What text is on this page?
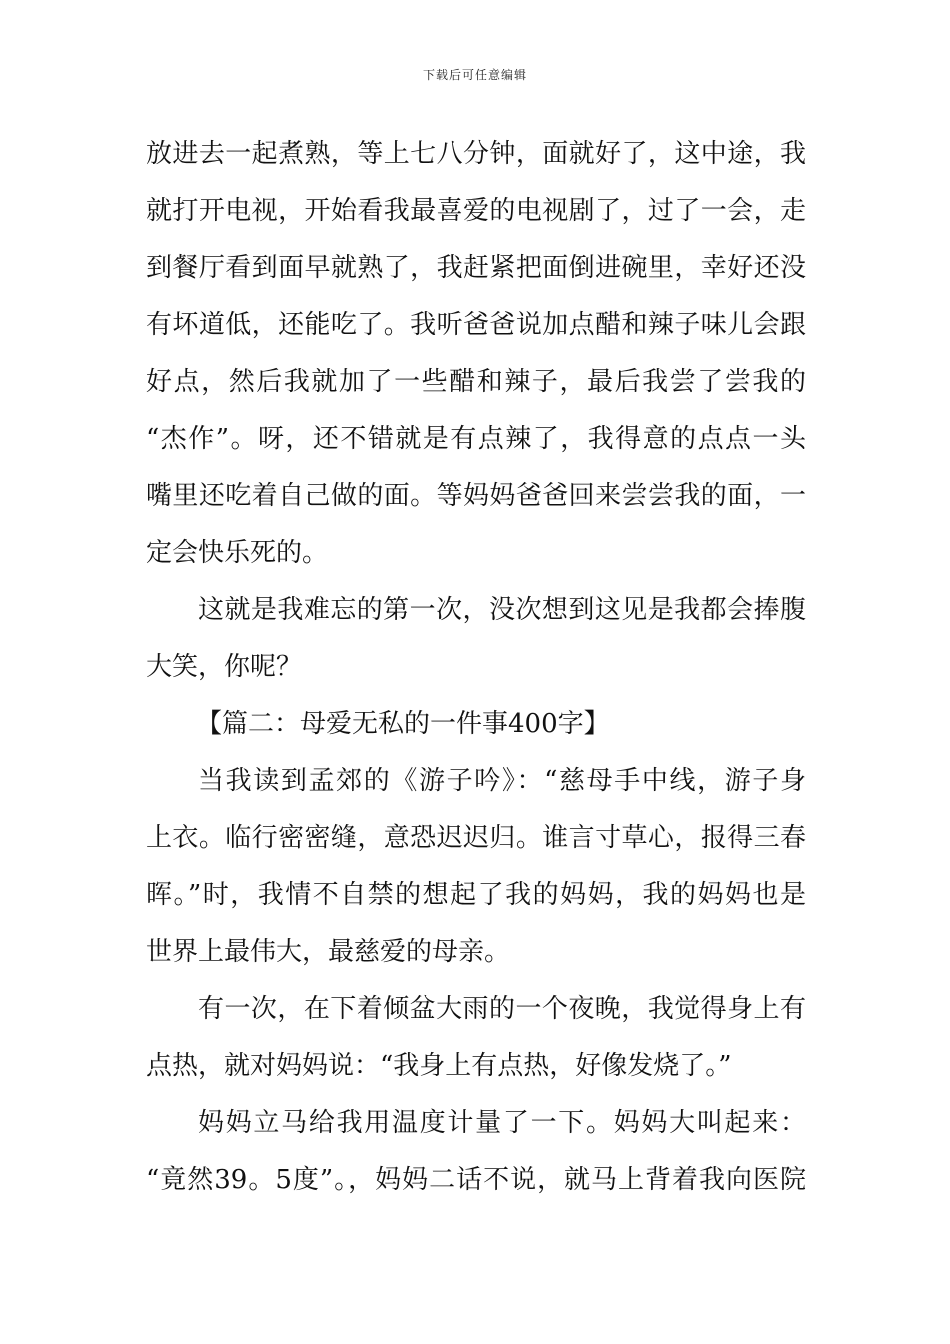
下载后可任意编辑
放进去一起煮熟，等上七八分钟，面就好了，这中途，我
就打开电视，开始看我最喜爱的电视剧了，过了一会，走
到餐厅看到面早就熟了，我赶紧把面倒进碗里，幸好还没
有坏道低，还能吃了。我听爸爸说加点醋和辣子味儿会跟
好点，然后我就加了一些醋和辣子，最后我尝了尝我的
“杰作”。呀，还不错就是有点辣了，我得意的点点一头
嘴里还吃着自己做的面。等妈妈爸爸回来尝尝我的面，一
定会快乐死的。
这就是我难忘的第一次，没次想到这见是我都会捧腹
大笑，你呢？
【篇二：母爱无私的一件事400字】
当我读到孟郊的《游子吟》：“慈母手中线，游子身
上衣。临行密密缝，意恐迟迟归。谁言寸草心，报得三春
晖。”时，我情不自禁的想起了我的妈妈，我的妈妈也是
世界上最伟大，最慈爱的母亲。
有一次，在下着倾盆大雨的一个夜晚，我觉得身上有
点热，就对妈妈说：“我身上有点热，好像发烧了。”
妈妈立马给我用温度计量了一下。妈妈大叫起来：
“竟然39。5度”。，妈妈二话不说，就马上背着我向医院
